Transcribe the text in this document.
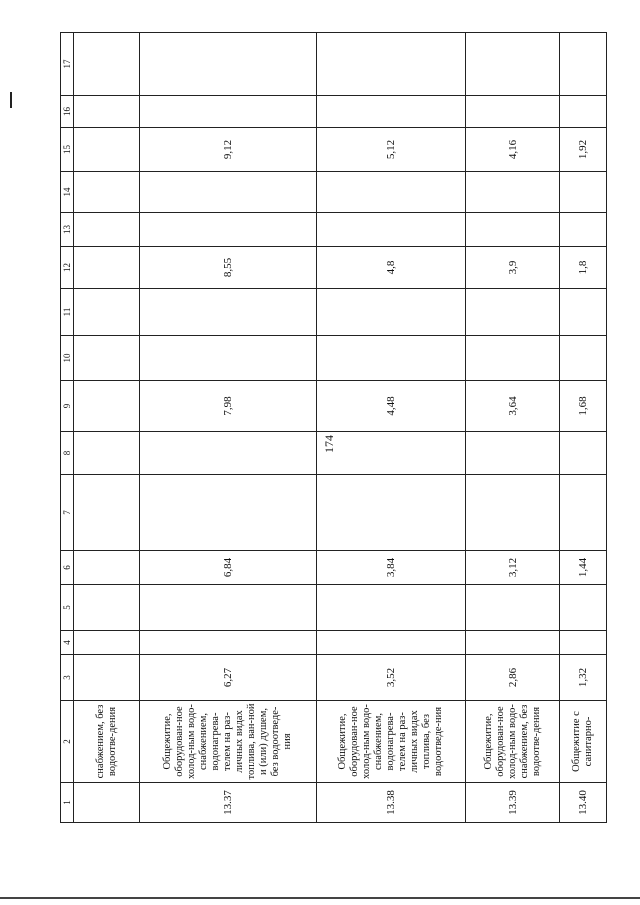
174
1	2	3	4	5	6	7	8	9	10	11	12	13	14	15	16	17
	снабжением, без водоотве-дения															
13.37	Общежитие, оборудован-ное холод-ным водо-снабжением, водонагрева-телем на раз-личных видах топлива, ван-ной и (или) душем, без водоотведе-ния	6,27			6,84			7,98			8,55			9,12		
13.38	Общежитие, оборудован-ное холод-ным водо-снабжением, водонагрева-телем на раз-личных видах топлива, без водоотведе-ния	3,52			3,84			4,48			4,8			5,12		
13.39	Общежитие, оборудован-ное холод-ным водо-снабжением, без водоотве-дения	2,86			3,12			3,64			3,9			4,16		
13.40	Общежитие с санитарно-	1,32			1,44			1,68			1,8			1,92		
